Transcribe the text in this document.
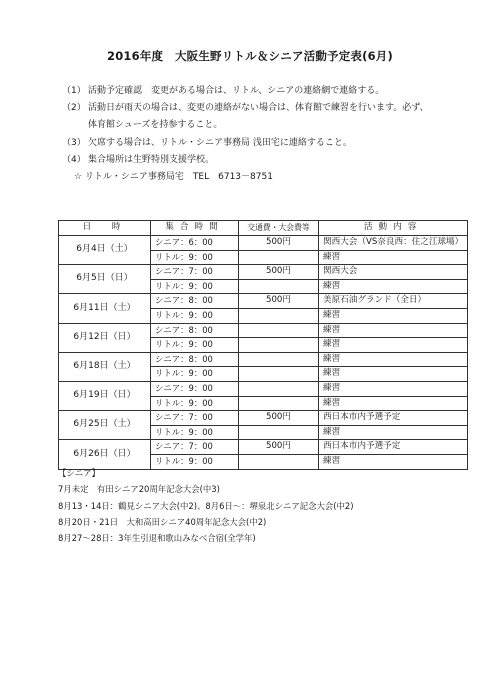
2016年度　大阪生野リトル＆シニア活動予定表(6月)
（1） 活動予定確認　変更がある場合は、リトル、シニアの連絡網で連絡する。
（2） 活動日が雨天の場合は、変更の連絡がない場合は、体育館で練習を行います。必ず、
体育館シューズを持参すること。
（3） 欠席する場合は、リトル・シニア事務局 浅田宅に連絡すること。
（4） 集合場所は生野特別支援学校。
☆ リトル・シニア事務局宅　TEL　6713－8751
日　時	集合時間	交通費・大会費等	活動内容
6月4日（土）	シニア：6：00	500円	関西大会（VS奈良西：住之江球場）
	リトル：9：00		練習
6月5日（日）	シニア：7：00	500円	関西大会
	リトル：9：00		練習
6月11日（土）	シニア：8：00	500円	美原石油グランド（全日）
	リトル：9：00		練習
6月12日（日）	シニア：8：00		練習
	リトル：9：00		練習
6月18日（土）	シニア：8：00		練習
	リトル：9：00		練習
6月19日（日）	シニア：9：00		練習
	リトル：9：00		練習
6月25日（土）	シニア：7：00	500円	西日本市内予選予定
	リトル：9：00		練習
6月26日（日）	シニア：7：00	500円	西日本市内予選予定
	リトル：9：00		練習
【シニア】
7月未定　有田シニア20周年記念大会(中3)
8月13・14日：鶴見シニア大会(中2)、8月6日～：堺泉北シニア記念大会(中2)
8月20日・21日　大和高田シニア40周年記念大会(中2)
8月27～28日：3年生引退和歌山みなべ合宿(全学年)
